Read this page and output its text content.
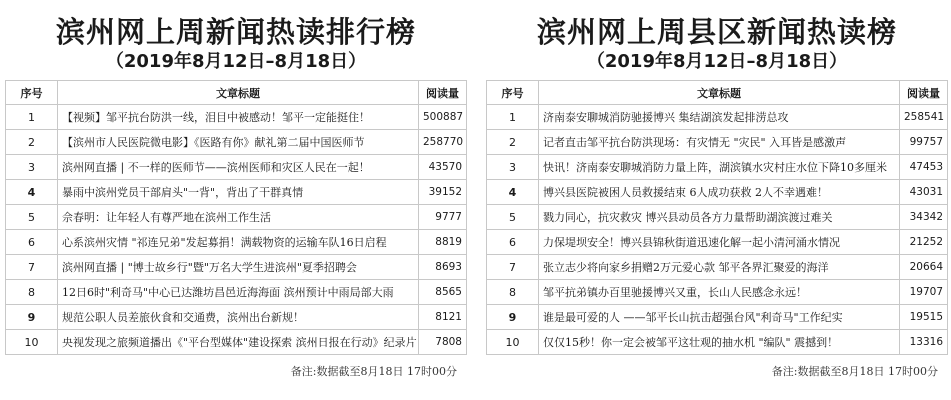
滨州网上周新闻热读排行榜
（2019年8月12日–8月18日）
序号	文章标题	阅读量
1	【视频】邹平抗台防洪一线，泪目中被感动！邹平一定能挺住！	500887
2	【滨州市人民医院微电影】《医路有你》献礼第二届中国医师节	258770
3	滨州网直播 | 不一样的医师节——滨州医师和灾区人民在一起！	43570
4	暴雨中滨州党员干部肩头"一背"，背出了干群真情	39152
5	佘春明：让年轻人有尊严地在滨州工作生活	9777
6	心系滨州灾情 "祁连兄弟"发起募捐！满载物资的运输车队16日启程	8819
7	滨州网直播 | "博士故乡行"暨"万名大学生进滨州"夏季招聘会	8693
8	12日6时"利奇马"中心已达潍坊昌邑近海海面 滨州预计中雨局部大雨	8565
9	规范公职人员差旅伙食和交通费，滨州出台新规！	8121
10	央视发现之旅频道播出《"平台型媒体"建设探索 滨州日报在行动》纪录片	7808
备注:数据截至8月18日 17时00分
滨州网上周县区新闻热读榜
（2019年8月12日–8月18日）
序号	文章标题	阅读量
1	济南泰安聊城消防驰援博兴 集结湖滨发起排涝总攻	258541
2	记者直击邹平抗台防洪现场：有灾情无 "灾民" 入耳皆是感激声	99757
3	快讯！济南泰安聊城消防力量上阵，湖滨镇水灾村庄水位下降10多厘米	47453
4	博兴县医院被困人员救援结束 6人成功获救 2人不幸遇难！	43031
5	戮力同心，抗灾救灾 博兴县动员各方力量帮助湖滨渡过难关	34342
6	力保堤坝安全！博兴县锦秋街道迅速化解一起小清河涌水情况	21252
7	张立志少将向家乡捐赠2万元爱心款 邹平各界汇聚爱的海洋	20664
8	邹平抗弟镇办百里驰援博兴又重，长山人民感念永远！	19707
9	谁是最可爱的人 ——邹平长山抗击超强台风"利奇马"工作纪实	19515
10	仅仅15秒！你一定会被邹平这壮观的抽水机 "编队" 震撼到！	13316
备注:数据截至8月18日 17时00分
